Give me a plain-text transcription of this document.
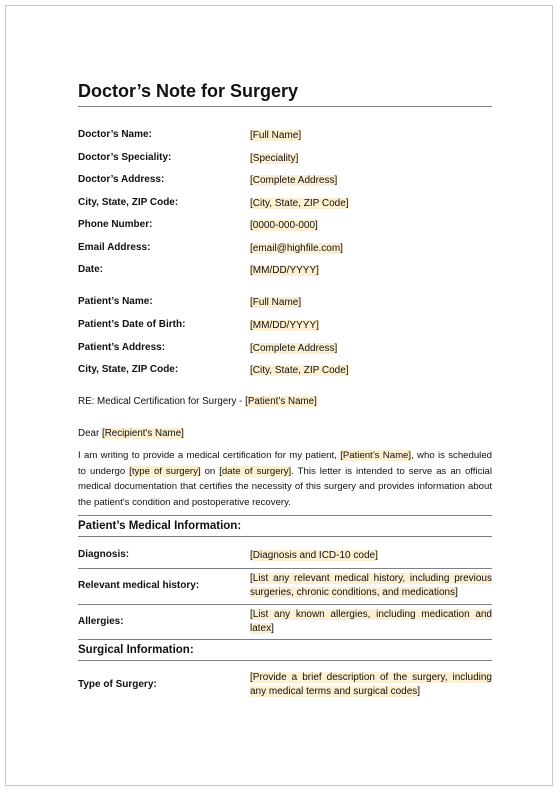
Doctor’s Note for Surgery
Doctor’s Name:	[Full Name]
Doctor’s Speciality:	[Speciality]
Doctor’s Address:	[Complete Address]
City, State, ZIP Code:	[City, State, ZIP Code]
Phone Number:	[0000-000-000]
Email Address:	[email@highfile.com]
Date:	[MM/DD/YYYY]
Patient’s Name:	[Full Name]
Patient’s Date of Birth:	[MM/DD/YYYY]
Patient’s Address:	[Complete Address]
City, State, ZIP Code:	[City, State, ZIP Code]
RE: Medical Certification for Surgery - [Patient’s Name]
Dear [Recipient's Name]
I am writing to provide a medical certification for my patient, [Patient’s Name], who is scheduled to undergo [type of surgery] on [date of surgery]. This letter is intended to serve as an official medical documentation that certifies the necessity of this surgery and provides information about the patient's condition and postoperative recovery.
Patient’s Medical Information:
Diagnosis:	[Diagnosis and ICD-10 code]
Relevant medical history:
[List any relevant medical history, including previous surgeries, chronic conditions, and medications]
Allergies:
[List any known allergies, including medication and latex]
Surgical Information:
Type of Surgery:
[Provide a brief description of the surgery, including any medical terms and surgical codes]
